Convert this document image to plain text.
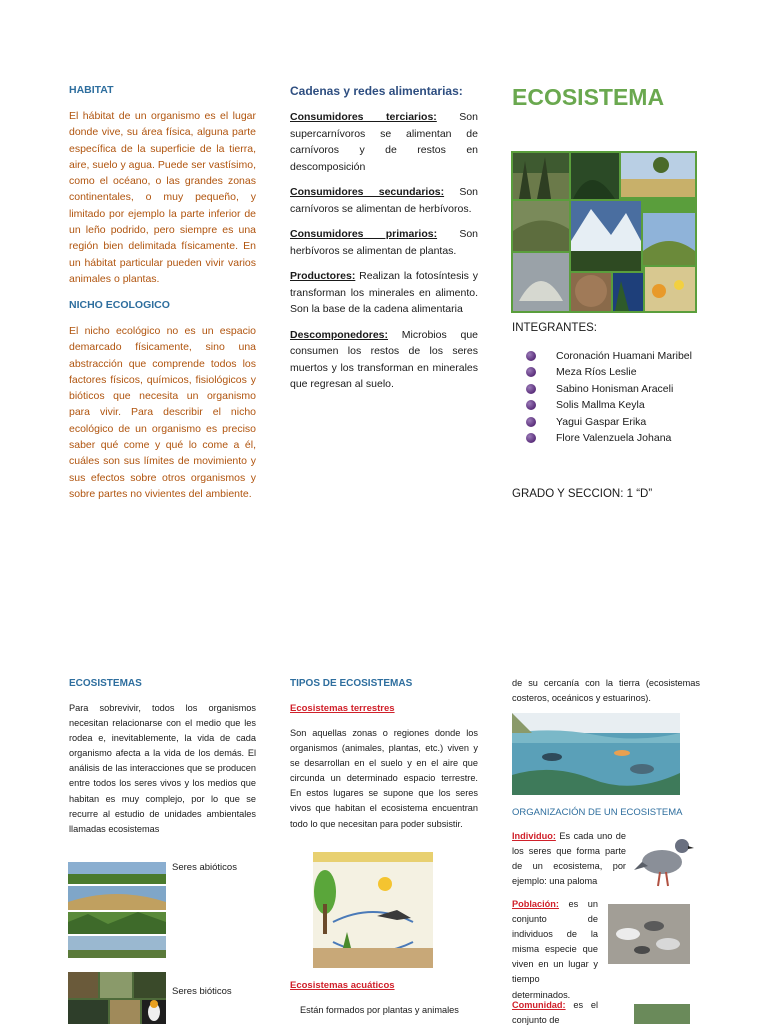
HABITAT
El hábitat de un organismo es el lugar donde vive, su área física, alguna parte específica de la superficie de la tierra, aire, suelo y agua. Puede ser vastísimo, como el océano, o las grandes zonas continentales, o muy pequeño, y limitado por ejemplo la parte inferior de un leño podrido, pero siempre es una región bien delimitada físicamente. En un hábitat particular pueden vivir varios animales o plantas.
NICHO ECOLOGICO
El nicho ecológico no es un espacio demarcado físicamente, sino una abstracción que comprende todos los factores físicos, químicos, fisiológicos y bióticos que necesita un organismo para vivir. Para describir el nicho ecológico de un organismo es preciso saber qué come y qué lo come a él, cuáles son sus límites de movimiento y sus efectos sobre otros organismos y sobre partes no vivientes del ambiente.
Cadenas y redes alimentarias:

Consumidores terciarios: Son supercarnívoros se alimentan de carnívoros y de restos en descomposición

Consumidores secundarios: Son carnívoros se alimentan de herbívoros.

Consumidores primarios: Son herbívoros se alimentan de plantas.

Productores: Realizan la fotosíntesis y transforman los minerales en alimento. Son la base de la cadena alimentaria

Descomponedores: Microbios que consumen los restos de los seres muertos y los transforman en minerales que regresan al suelo.

ECOSISTEMA
INTEGRANTES:
Coronación Huamani Maribel
Meza Ríos Leslie
Sabino Honisman Araceli
Solis Mallma Keyla
Yagui Gaspar Erika
Flore Valenzuela Johana
GRADO Y SECCION: 1 “D”
ECOSISTEMAS
Para sobrevivir, todos los organismos necesitan relacionarse con el medio que les rodea e, inevitablemente, la vida de cada organismo afecta a la vida de los demás. El análisis de las interacciones que se producen entre todos los seres vivos y los medios que habitan es muy complejo, por lo que se recurre al estudio de unidades ambientales llamadas ecosistemas
Seres abióticos
Seres bióticos
TIPOS DE ECOSISTEMAS
Ecosistemas terrestres
Son aquellas zonas o regiones donde los organismos (animales, plantas, etc.) viven y se desarrollan en el suelo y en el aire que circunda un determinado espacio terrestre. En estos lugares se supone que los seres vivos que habitan el ecosistema encuentran todo lo que necesitan para poder subsistir.
Ecosistemas acuáticos
Están formados por plantas y animales
de su cercanía con la tierra (ecosistemas costeros, oceánicos y estuarinos).
ORGANIZACIÓN DE UN ECOSISTEMA
Individuo: Es cada uno de los seres que forma parte de un ecosistema, por ejemplo: una paloma
Población: es un conjunto de individuos de la misma especie que viven en un lugar y tiempo determinados.
Comunidad: es el conjunto de
